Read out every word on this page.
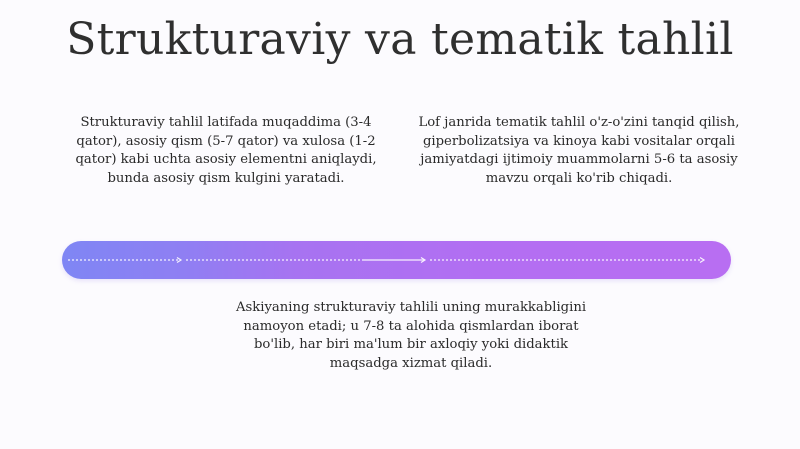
Strukturaviy va tematik tahlil
Strukturaviy tahlil latifada muqaddima (3-4 qator), asosiy qism (5-7 qator) va xulosa (1-2 qator) kabi uchta asosiy elementni aniqlaydi, bunda asosiy qism kulgini yaratadi.
Lof janrida tematik tahlil o'z-o'zini tanqid qilish, giperbolizatsiya va kinoya kabi vositalar orqali jamiyatdagi ijtimoiy muammolarni 5-6 ta asosiy mavzu orqali ko'rib chiqadi.
Askiyaning strukturaviy tahlili uning murakkabligini namoyon etadi; u 7-8 ta alohida qismlardan iborat bo'lib, har biri ma'lum bir axloqiy yoki didaktik maqsadga xizmat qiladi.
